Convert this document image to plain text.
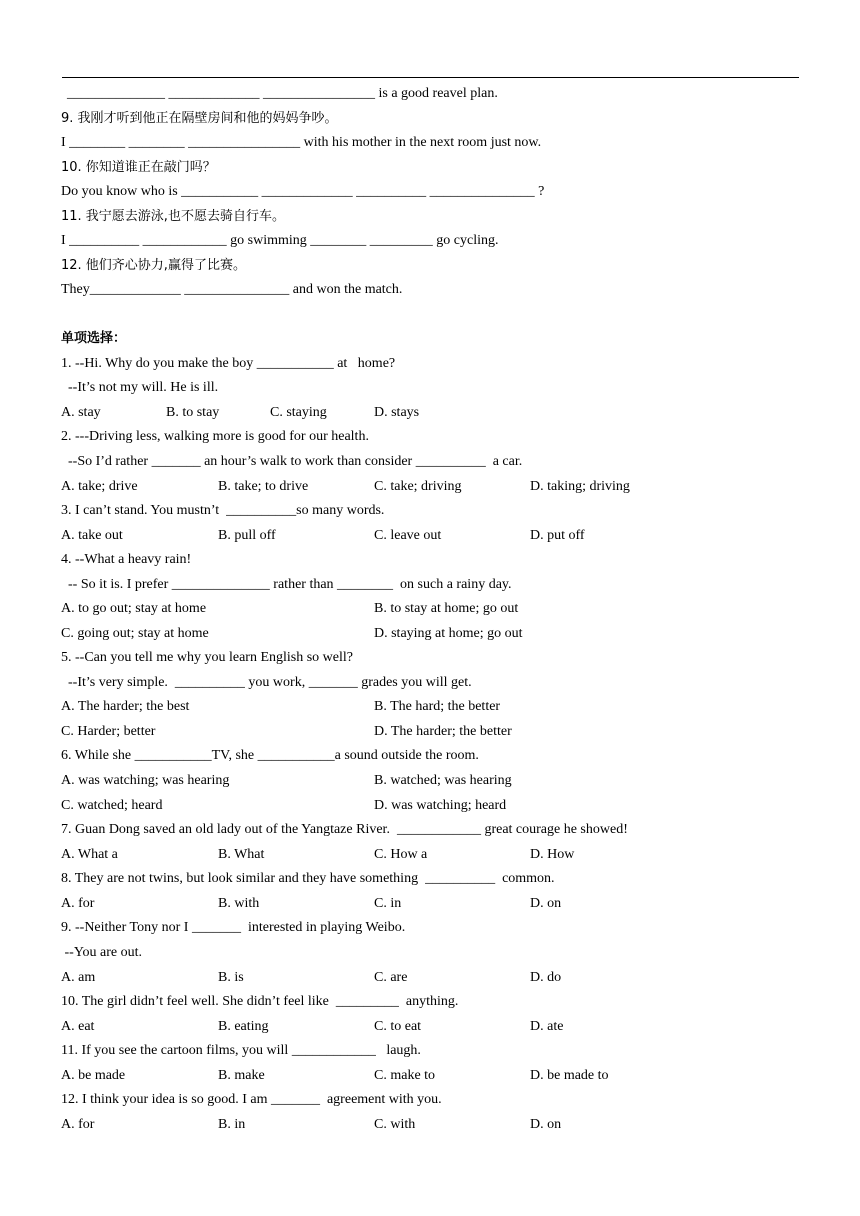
______________ _____________ ________________ is a good reavel plan.
9. 我刚才听到他正在隔壁房间和他的妈妈争吵。
I ________ ________ ________________ with his mother in the next room just now.
10. 你知道谁正在敲门吗？
Do you know who is ___________ _____________ __________ _______________ ?
11. 我宁愿去游泳,也不愿去骑自行车。
I __________ ____________ go swimming ________ _________ go cycling.
12. 他们齐心协力,赢得了比赛。
They_____________ _______________ and won the match.
单项选择：
1. --Hi. Why do you make the boy ___________ at   home?
--It’s not my will. He is ill.
A. stay	B. to stay	C. staying	D. stays
2. ---Driving less, walking more is good for our health.
--So I’d rather _______ an hour’s walk to work than consider __________  a car.
A. take; drive	B. take; to drive	C. take; driving	D. taking; driving
3. I can’t stand. You mustn’t  __________so many words.
A. take out	B. pull off	C. leave out	D. put off
4. --What a heavy rain!
-- So it is. I prefer ______________ rather than ________  on such a rainy day.
A. to go out; stay at home	B. to stay at home; go out
C. going out; stay at home	D. staying at home; go out
5. --Can you tell me why you learn English so well?
--It’s very simple.  __________ you work, _______ grades you will get.
A. The harder; the best	B. The hard; the better
C. Harder; better	D. The harder; the better
6. While she ___________TV, she ___________a sound outside the room.
A. was watching; was hearing	B. watched; was hearing
C. watched; heard	D. was watching; heard
7. Guan Dong saved an old lady out of the Yangtaze River.  ____________ great courage he showed!
A. What a	B. What	C. How a	D. How
8. They are not twins, but look similar and they have something  __________  common.
A. for	B. with	C. in	D. on
9. --Neither Tony nor I _______  interested in playing Weibo.
--You are out.
A. am	B. is	C. are	D. do
10. The girl didn’t feel well. She didn’t feel like  _________  anything.
A. eat	B. eating	C. to eat	D. ate
11. If you see the cartoon films, you will ____________   laugh.
A. be made	B. make	C. make to	D. be made to
12. I think your idea is so good. I am _______  agreement with you.
A. for	B. in	C. with	D. on
